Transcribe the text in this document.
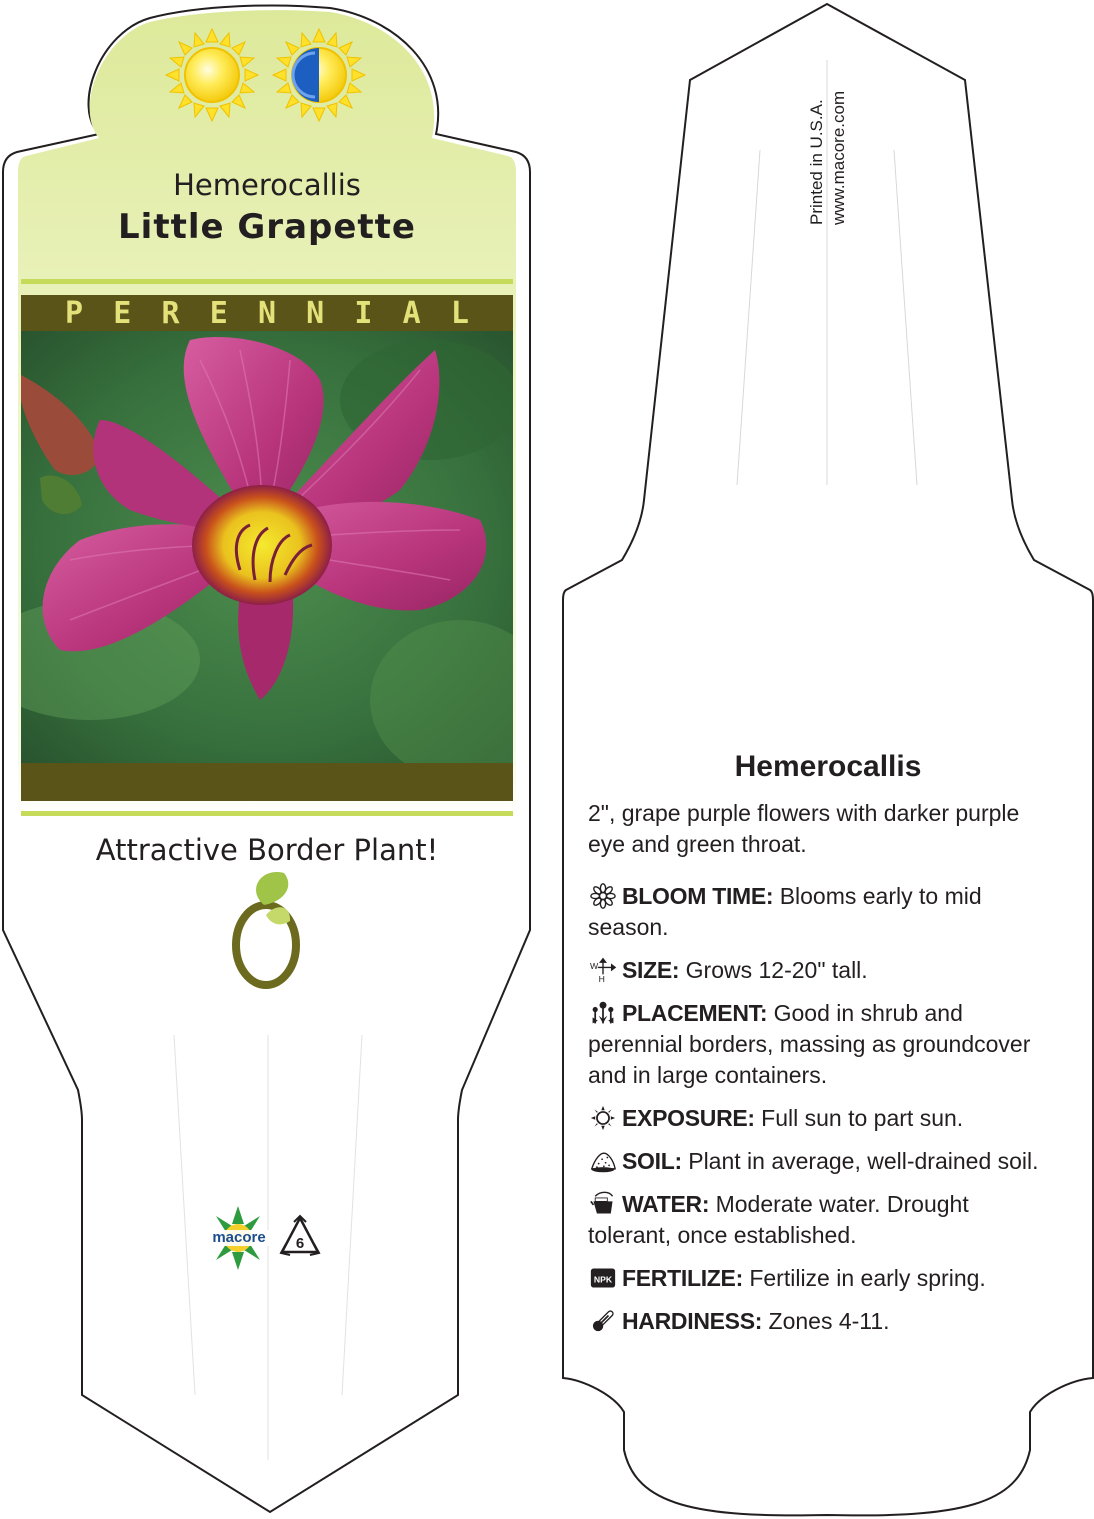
Hemerocallis
Little Grapette
P E R E N N I A L
Attractive Border Plant!
macore	6
Printed in U.S.A. www.macore.com
Hemerocallis
2", grape purple flowers with darker purple eye and green throat.
BLOOM TIME: Blooms early to mid season.
W
H SIZE: Grows 12-20" tall.
PLACEMENT: Good in shrub and perennial borders, massing as groundcover and in large containers.
EXPOSURE: Full sun to part sun.
SOIL: Plant in average, well-drained soil.
WATER: Moderate water. Drought tolerant, once established.
NPK FERTILIZE: Fertilize in early spring.
HARDINESS: Zones 4-11.
